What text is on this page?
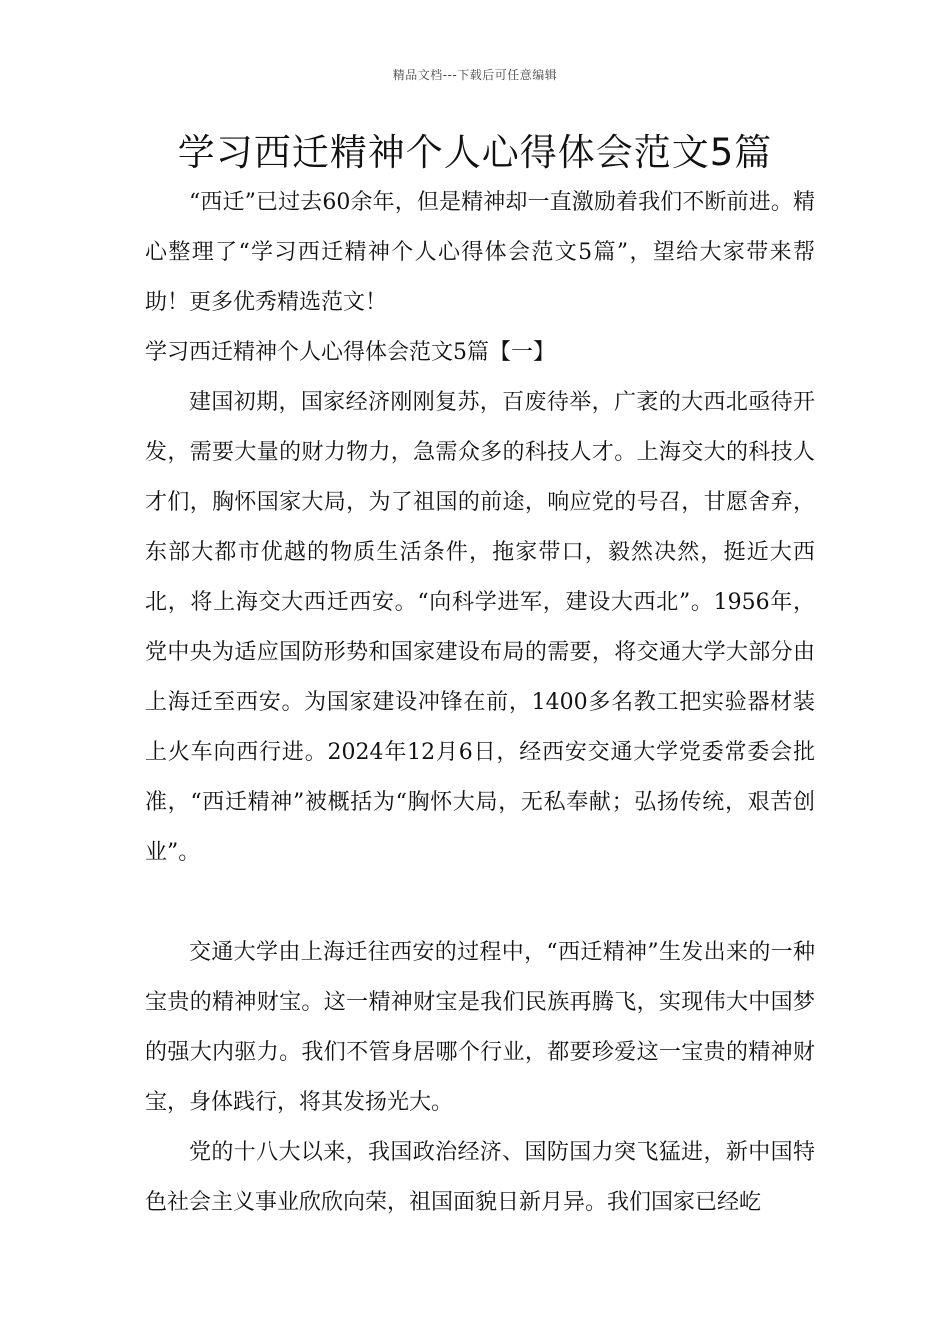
精品文档---下载后可任意编辑
学习西迁精神个人心得体会范文5篇

“西迁”已过去60余年，但是精神却一直激励着我们不断前进。精心整理了“学习西迁精神个人心得体会范文5篇”，望给大家带来帮助！更多优秀精选范文！

学习西迁精神个人心得体会范文5篇【一】

建国初期，国家经济刚刚复苏，百废待举，广袤的大西北亟待开发，需要大量的财力物力，急需众多的科技人才。上海交大的科技人才们，胸怀国家大局，为了祖国的前途，响应党的号召，甘愿舍弃，东部大都市优越的物质生活条件，拖家带口，毅然决然，挺近大西北，将上海交大西迁西安。“向科学进军，建设大西北”。1956年，党中央为适应国防形势和国家建设布局的需要，将交通大学大部分由上海迁至西安。为国家建设冲锋在前，1400多名教工把实验器材装上火车向西行进。2024年12月6日，经西安交通大学党委常委会批准，“西迁精神”被概括为“胸怀大局，无私奉献；弘扬传统，艰苦创业”。

交通大学由上海迁往西安的过程中，“西迁精神”生发出来的一种宝贵的精神财宝。这一精神财宝是我们民族再腾飞，实现伟大中国梦的强大内驱力。我们不管身居哪个行业，都要珍爱这一宝贵的精神财宝，身体践行，将其发扬光大。

党的十八大以来，我国政治经济、国防国力突飞猛进，新中国特色社会主义事业欣欣向荣，祖国面貌日新月异。我们国家已经屹
